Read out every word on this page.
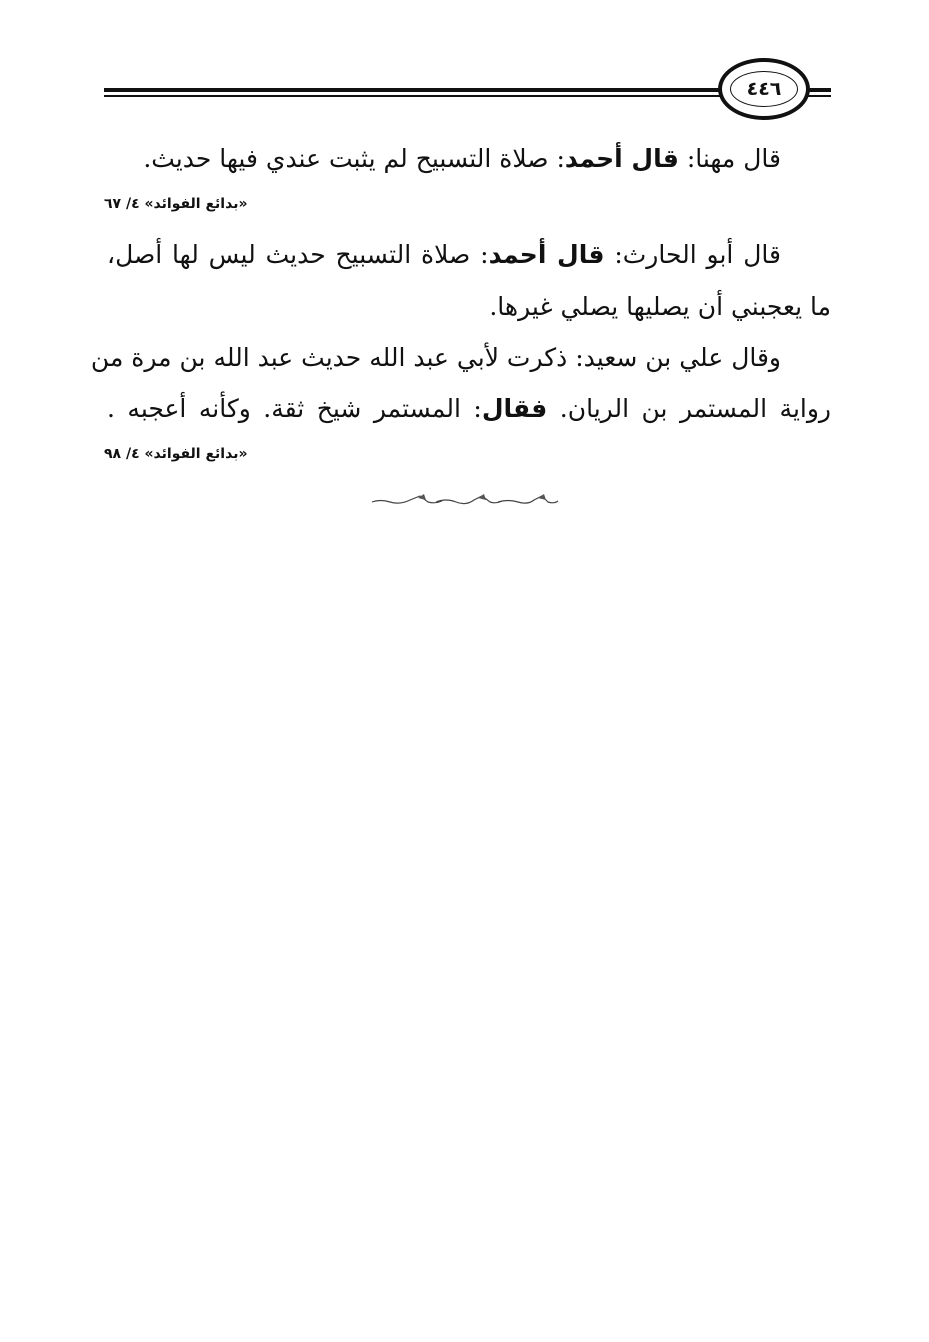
٤٤٦
قال مهنا: قال أحمد: صلاة التسبيح لم يثبت عندي فيها حديث.
«بدائع الفوائد» ٤/ ٦٧
قال أبو الحارث: قال أحمد: صلاة التسبيح حديث ليس لها أصل،
ما يعجبني أن يصليها يصلي غيرها.
وقال علي بن سعيد: ذكرت لأبي عبد الله حديث عبد الله بن مرة من
رواية المستمر بن الريان. فقال: المستمر شيخ ثقة. وكأنه أعجبه .
«بدائع الفوائد» ٤/ ٩٨
